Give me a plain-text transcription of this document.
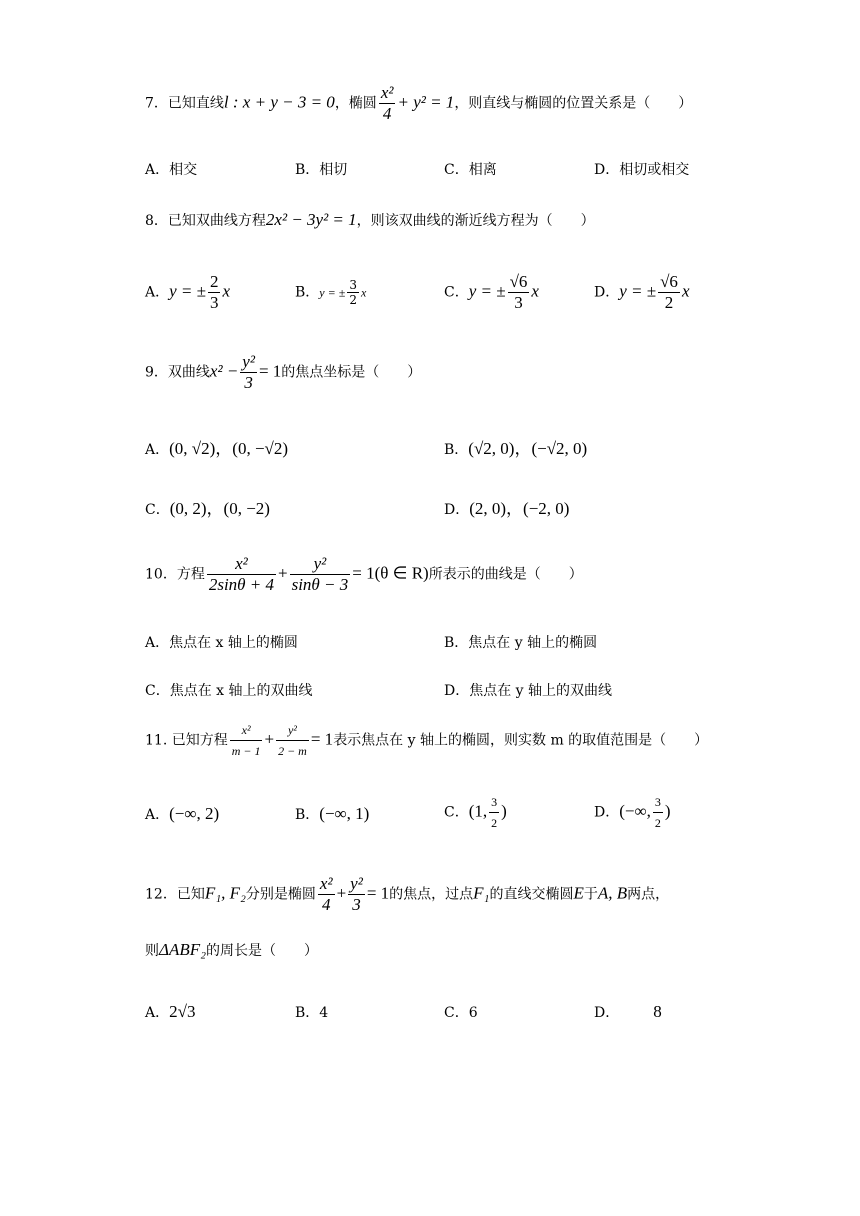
7．已知直线l : x + y − 3 = 0，椭圆 $\frac{\text{x²}}{4} + y^2 = 1$，则直线与椭圆的位置关系是（　　）
A．相交	B．相切	C．相离	D．相切或相交
8．已知双曲线方程2x² − 3y² = 1，则该双曲线的渐近线方程为（　　）
A．y = ± $\frac{2}{3}$ x	B．y = ± $\frac{3}{2}$ x	C．y = ± $\frac{√6}{3}$ x	D．y = ± $\frac{√6}{2}$ x
9．双曲线$x^2 - \frac{\text{y²}}{3} = 1$的焦点坐标是（　　）
A．(0, √2)，(0, −√2)	B．(√2, 0)，(−√2, 0)
C．(0, 2)，(0, −2)	D．(2, 0)，(−2, 0)
10．方程 $\frac{\text{x²}}{2\sin\theta + 4} + \frac{\text{y²}}{\sin\theta - 3} = 1(\theta$ ∈ R)所表示的曲线是（　　）
A．焦点在 x 轴上的椭圆	B．焦点在 y 轴上的椭圆
C．焦点在 x 轴上的双曲线	D．焦点在 y 轴上的双曲线
11. 已知方程 $\frac{\text{x²}}{m - 1} + \frac{\text{y²}}{2 - m} = 1$表示焦点在 y 轴上的椭圆，则实数 m 的取值范围是（　　）
A．(−∞, 2)	B．(−∞, 1)	C．(1, $\frac{3}{2}$ )	D．(−∞, $\frac{3}{2}$ )
12．已知F₁, F₂分别是椭圆 $\frac{\text{x²}}{4} + \frac{\text{y²}}{3} = 1$的焦点，过点F₁的直线交椭圆E于A, B两点，
则ΔABF₂的周长是（　　）
A．2√3	B．4	C．6	D． 8
